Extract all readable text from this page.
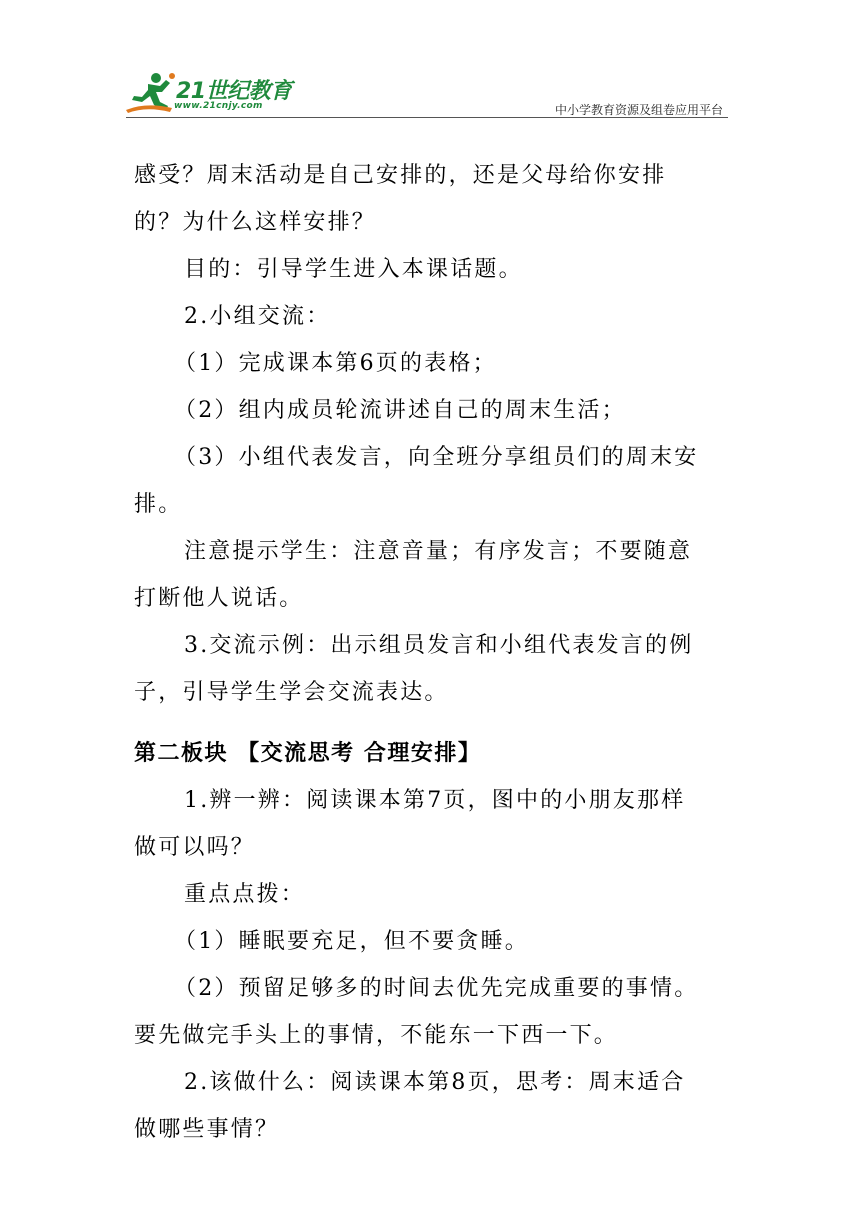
21世纪教育
www.21cnjy.com	中小学教育资源及组卷应用平台
感受？周末活动是自己安排的，还是父母给你安排
的？为什么这样安排？
目的：引导学生进入本课话题。
2.小组交流：
（1）完成课本第6页的表格；
（2）组内成员轮流讲述自己的周末生活；
（3）小组代表发言，向全班分享组员们的周末安
排。
注意提示学生：注意音量；有序发言；不要随意
打断他人说话。
3.交流示例：出示组员发言和小组代表发言的例
子，引导学生学会交流表达。
第二板块 【交流思考 合理安排】
1.辨一辨：阅读课本第7页，图中的小朋友那样
做可以吗？
重点点拨：
（1）睡眠要充足，但不要贪睡。
（2）预留足够多的时间去优先完成重要的事情。
要先做完手头上的事情，不能东一下西一下。
2.该做什么：阅读课本第8页，思考：周末适合
做哪些事情？
